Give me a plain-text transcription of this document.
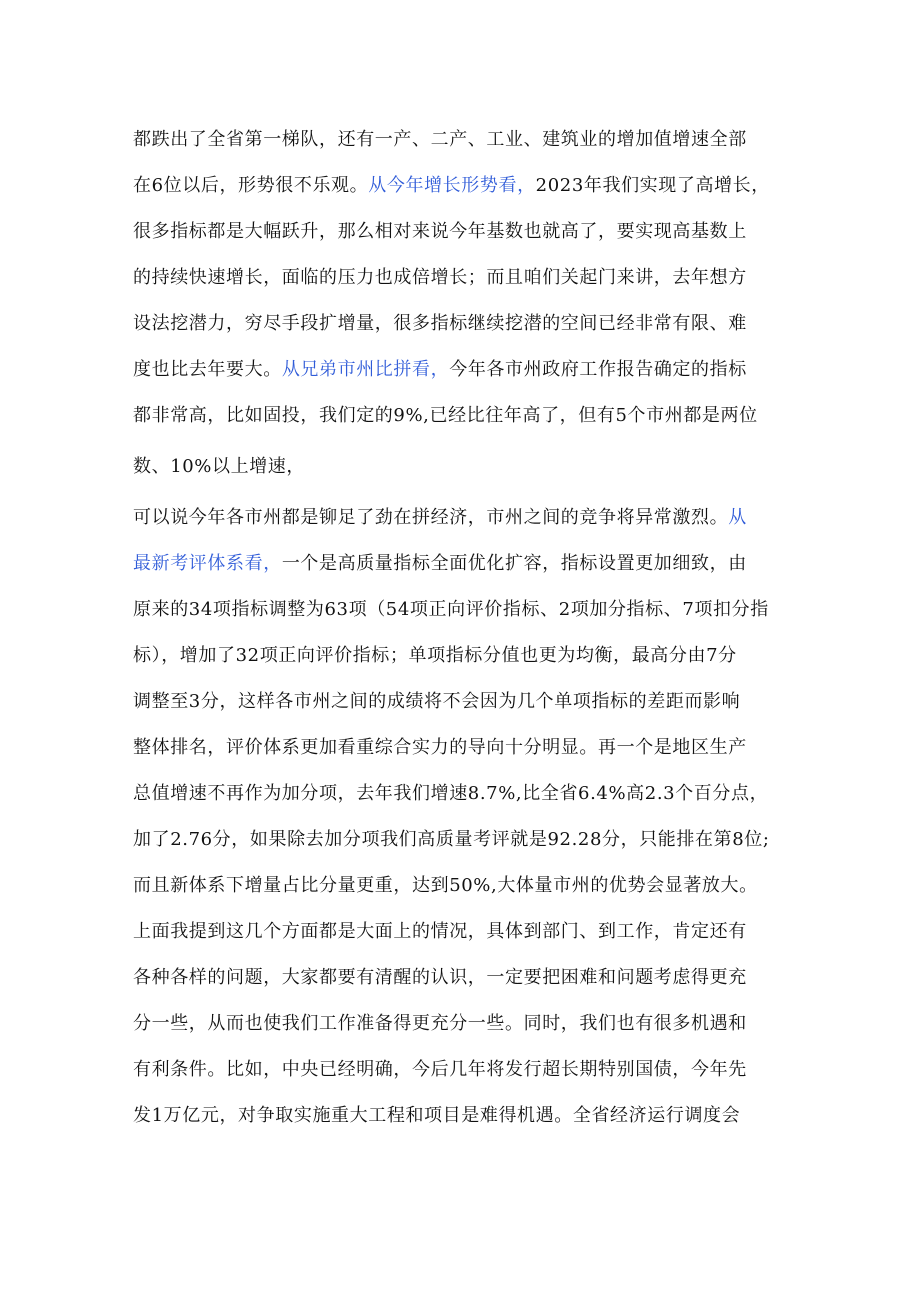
都跌出了全省第一梯队，还有一产、二产、工业、建筑业的增加值增速全部
在6位以后，形势很不乐观。从今年增长形势看，2023年我们实现了高增长，
很多指标都是大幅跃升，那么相对来说今年基数也就高了，要实现高基数上
的持续快速增长，面临的压力也成倍增长；而且咱们关起门来讲，去年想方
设法挖潜力，穷尽手段扩增量，很多指标继续挖潜的空间已经非常有限、难
度也比去年要大。从兄弟市州比拼看，今年各市州政府工作报告确定的指标
都非常高，比如固投，我们定的9%,已经比往年高了，但有5个市州都是两位
数、10%以上增速，
可以说今年各市州都是铆足了劲在拼经济，市州之间的竞争将异常激烈。从
最新考评体系看，一个是高质量指标全面优化扩容，指标设置更加细致，由
原来的34项指标调整为63项（54项正向评价指标、2项加分指标、7项扣分指
标），增加了32项正向评价指标；单项指标分值也更为均衡，最高分由7分
调整至3分，这样各市州之间的成绩将不会因为几个单项指标的差距而影响
整体排名，评价体系更加看重综合实力的导向十分明显。再一个是地区生产
总值增速不再作为加分项，去年我们增速8.7%,比全省6.4%高2.3个百分点，
加了2.76分，如果除去加分项我们高质量考评就是92.28分，只能排在第8位;
而且新体系下增量占比分量更重，达到50%,大体量市州的优势会显著放大。
上面我提到这几个方面都是大面上的情况，具体到部门、到工作，肯定还有
各种各样的问题，大家都要有清醒的认识，一定要把困难和问题考虑得更充
分一些，从而也使我们工作准备得更充分一些。同时，我们也有很多机遇和
有利条件。比如，中央已经明确，今后几年将发行超长期特别国债，今年先
发1万亿元，对争取实施重大工程和项目是难得机遇。全省经济运行调度会
